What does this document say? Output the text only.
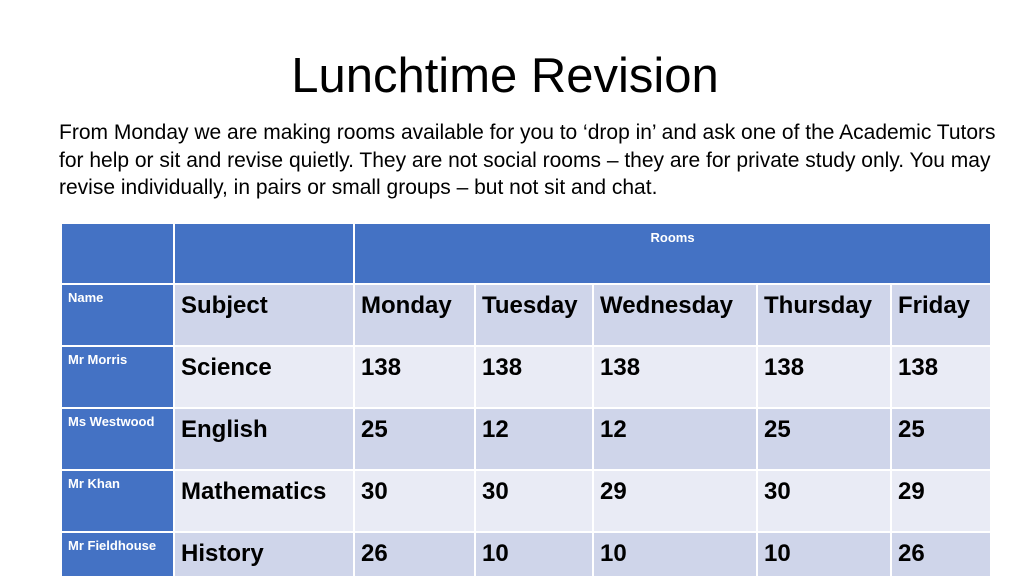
Lunchtime Revision
From Monday we are making rooms available for you to ‘drop in’ and ask one of the Academic Tutors for help or sit and revise quietly. They are not social rooms – they are for private study only. You may revise individually, in pairs or small groups – but not sit and chat.
		Rooms				
Name	Subject	Monday	Tuesday	Wednesday	Thursday	Friday
Mr Morris	Science	138	138	138	138	138
Ms Westwood	English	25	12	12	25	25
Mr Khan	Mathematics	30	30	29	30	29
Mr Fieldhouse	History	26	10	10	10	26
